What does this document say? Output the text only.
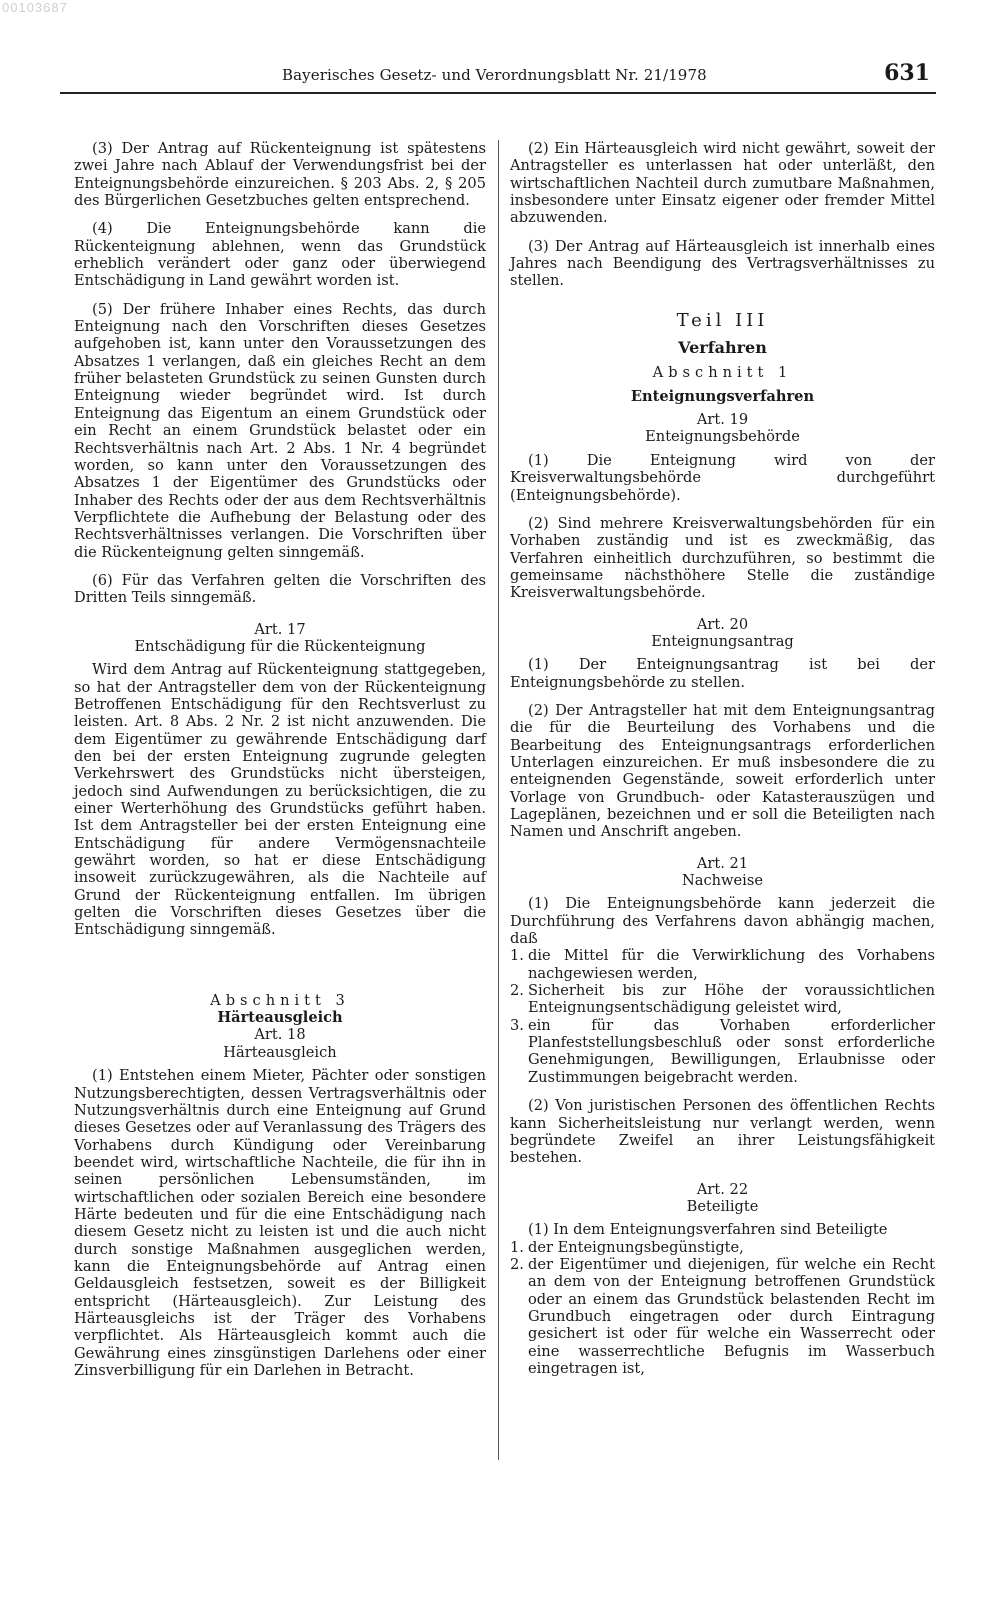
00103687
Bayerisches Gesetz- und Verordnungsblatt Nr. 21/1978	631

(3) Der Antrag auf Rückenteignung ist spätestens zwei Jahre nach Ablauf der Verwendungsfrist bei der Enteignungsbehörde einzureichen. § 203 Abs. 2, § 205 des Bürgerlichen Gesetzbuches gelten entsprechend.

(4) Die Enteignungsbehörde kann die Rückenteignung ablehnen, wenn das Grundstück erheblich verändert oder ganz oder überwiegend Entschädigung in Land gewährt worden ist.

(5) Der frühere Inhaber eines Rechts, das durch Enteignung nach den Vorschriften dieses Gesetzes aufgehoben ist, kann unter den Voraussetzungen des Absatzes 1 verlangen, daß ein gleiches Recht an dem früher belasteten Grundstück zu seinen Gunsten durch Enteignung wieder begründet wird. Ist durch Enteignung das Eigentum an einem Grundstück oder ein Recht an einem Grundstück belastet oder ein Rechtsverhältnis nach Art. 2 Abs. 1 Nr. 4 begründet worden, so kann unter den Voraussetzungen des Absatzes 1 der Eigentümer des Grundstücks oder Inhaber des Rechts oder der aus dem Rechtsverhältnis Verpflichtete die Aufhebung der Belastung oder des Rechtsverhältnisses verlangen. Die Vorschriften über die Rückenteignung gelten sinngemäß.

(6) Für das Verfahren gelten die Vorschriften des Dritten Teils sinngemäß.

Art. 17

Entschädigung für die Rückenteignung

Wird dem Antrag auf Rückenteignung stattgegeben, so hat der Antragsteller dem von der Rückenteignung Betroffenen Entschädigung für den Rechtsverlust zu leisten. Art. 8 Abs. 2 Nr. 2 ist nicht anzuwenden. Die dem Eigentümer zu gewährende Entschädigung darf den bei der ersten Enteignung zugrunde gelegten Verkehrswert des Grundstücks nicht übersteigen, jedoch sind Aufwendungen zu berücksichtigen, die zu einer Werterhöhung des Grundstücks geführt haben. Ist dem Antragsteller bei der ersten Enteignung eine Entschädigung für andere Vermögensnachteile gewährt worden, so hat er diese Entschädigung insoweit zurückzugewähren, als die Nachteile auf Grund der Rückenteignung entfallen. Im übrigen gelten die Vorschriften dieses Gesetzes über die Entschädigung sinngemäß.

Abschnitt 3

Härteausgleich

Art. 18

Härteausgleich

(1) Entstehen einem Mieter, Pächter oder sonstigen Nutzungsberechtigten, dessen Vertragsverhältnis oder Nutzungsverhältnis durch eine Enteignung auf Grund dieses Gesetzes oder auf Veranlassung des Trägers des Vorhabens durch Kündigung oder Vereinbarung beendet wird, wirtschaftliche Nachteile, die für ihn in seinen persönlichen Lebensumständen, im wirtschaftlichen oder sozialen Bereich eine besondere Härte bedeuten und für die eine Entschädigung nach diesem Gesetz nicht zu leisten ist und die auch nicht durch sonstige Maßnahmen ausgeglichen werden, kann die Enteignungsbehörde auf Antrag einen Geldausgleich festsetzen, soweit es der Billigkeit entspricht (Härteausgleich). Zur Leistung des Härteausgleichs ist der Träger des Vorhabens verpflichtet. Als Härteausgleich kommt auch die Gewährung eines zinsgünstigen Darlehens oder einer Zinsverbilligung für ein Darlehen in Betracht.

(2) Ein Härteausgleich wird nicht gewährt, soweit der Antragsteller es unterlassen hat oder unterläßt, den wirtschaftlichen Nachteil durch zumutbare Maßnahmen, insbesondere unter Einsatz eigener oder fremder Mittel abzuwenden.

(3) Der Antrag auf Härteausgleich ist innerhalb eines Jahres nach Beendigung des Vertragsverhältnisses zu stellen.

Teil III

Verfahren

Abschnitt 1

Enteignungsverfahren

Art. 19

Enteignungsbehörde

(1) Die Enteignung wird von der Kreisverwaltungsbehörde durchgeführt (Enteignungsbehörde).

(2) Sind mehrere Kreisverwaltungsbehörden für ein Vorhaben zuständig und ist es zweckmäßig, das Verfahren einheitlich durchzuführen, so bestimmt die gemeinsame nächsthöhere Stelle die zuständige Kreisverwaltungsbehörde.

Art. 20

Enteignungsantrag

(1) Der Enteignungsantrag ist bei der Enteignungsbehörde zu stellen.

(2) Der Antragsteller hat mit dem Enteignungsantrag die für die Beurteilung des Vorhabens und die Bearbeitung des Enteignungsantrags erforderlichen Unterlagen einzureichen. Er muß insbesondere die zu enteignenden Gegenstände, soweit erforderlich unter Vorlage von Grundbuch- oder Katasterauszügen und Lageplänen, bezeichnen und er soll die Beteiligten nach Namen und Anschrift angeben.

Art. 21

Nachweise

(1) Die Enteignungsbehörde kann jederzeit die Durchführung des Verfahrens davon abhängig machen, daß

1. die Mittel für die Verwirklichung des Vorhabens nachgewiesen werden,
2. Sicherheit bis zur Höhe der voraussichtlichen Enteignungsentschädigung geleistet wird,
3. ein für das Vorhaben erforderlicher Planfeststellungsbeschluß oder sonst erforderliche Genehmigungen, Bewilligungen, Erlaubnisse oder Zustimmungen beigebracht werden.

(2) Von juristischen Personen des öffentlichen Rechts kann Sicherheitsleistung nur verlangt werden, wenn begründete Zweifel an ihrer Leistungsfähigkeit bestehen.

Art. 22

Beteiligte

(1) In dem Enteignungsverfahren sind Beteiligte

1. der Enteignungsbegünstigte,
2. der Eigentümer und diejenigen, für welche ein Recht an dem von der Enteignung betroffenen Grundstück oder an einem das Grundstück belastenden Recht im Grundbuch eingetragen oder durch Eintragung gesichert ist oder für welche ein Wasserrecht oder eine wasserrechtliche Befugnis im Wasserbuch eingetragen ist,
